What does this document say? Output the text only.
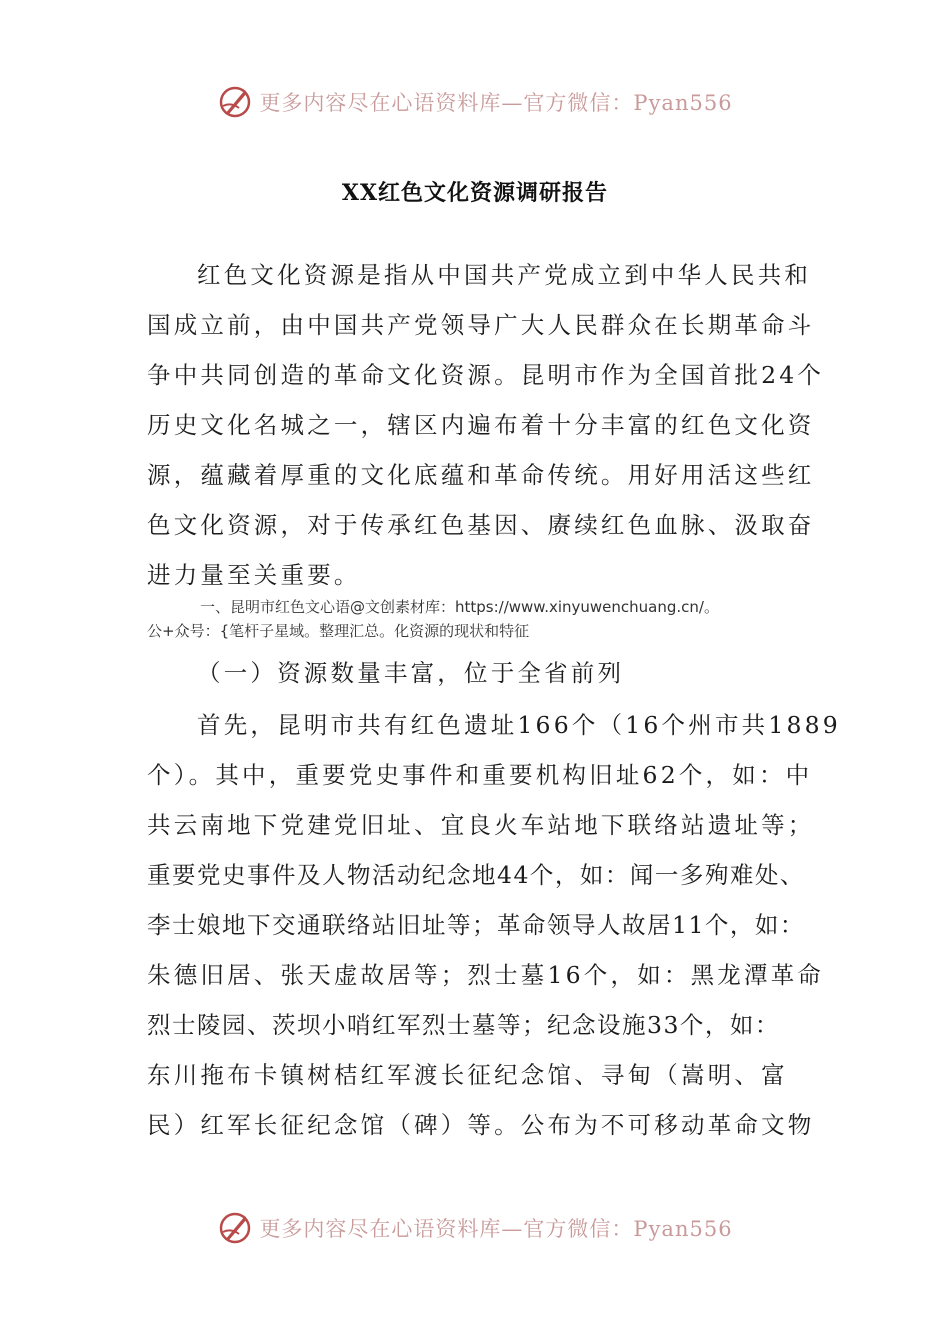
更多内容尽在心语资料库—官方微信：Pyan556
XX红色文化资源调研报告
红色文化资源是指从中国共产党成立到中华人民共和
国成立前，由中国共产党领导广大人民群众在长期革命斗
争中共同创造的革命文化资源。昆明市作为全国首批24个
历史文化名城之一，辖区内遍布着十分丰富的红色文化资
源，蕴藏着厚重的文化底蕴和革命传统。用好用活这些红
色文化资源，对于传承红色基因、赓续红色血脉、汲取奋
进力量至关重要。
一、昆明市红色文心语@文创素材库：https://www.xinyuwenchuang.cn/。
公+众号：{笔杆子星域。整理汇总。化资源的现状和特征
（一）资源数量丰富，位于全省前列
首先，昆明市共有红色遗址166个（16个州市共1889
个）。其中，重要党史事件和重要机构旧址62个，如：中
共云南地下党建党旧址、宜良火车站地下联络站遗址等；
重要党史事件及人物活动纪念地44个，如：闻一多殉难处、
李士娘地下交通联络站旧址等；革命领导人故居11个，如：
朱德旧居、张天虚故居等；烈士墓16个，如：黑龙潭革命
烈士陵园、茨坝小哨红军烈士墓等；纪念设施33个，如：
东川拖布卡镇树桔红军渡长征纪念馆、寻甸（嵩明、富
民）红军长征纪念馆（碑）等。公布为不可移动革命文物
更多内容尽在心语资料库—官方微信：Pyan556
